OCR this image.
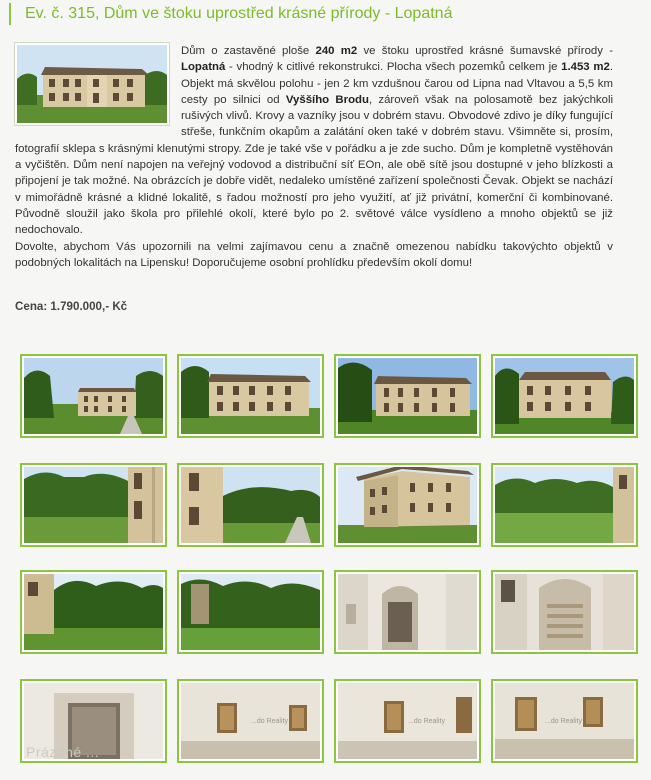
Ev. č. 315, Dům ve štoku uprostřed krásné přírody - Lopatná
Dům o zastavěné ploše 240 m2 ve štoku uprostřed krásné šumavské přírody - Lopatná - vhodný k citlivé rekonstrukci. Plocha všech pozemků celkem je 1.453 m2. Objekt má skvělou polohu - jen 2 km vzdušnou čarou od Lipna nad Vltavou a 5,5 km cesty po silnici od Vyššího Brodu, zároveň však na polosamotě bez jakýchkoli rušivých vlivů. Krovy a vazníky jsou v dobrém stavu. Obvodové zdivo je díky fungující střeše, funkčním okapům a zalátání oken také v dobrém stavu. Všimněte si, prosím, fotografií sklepa s krásnými klenutými stropy. Zde je také vše v pořádku a je zde sucho. Dům je kompletně vystěhován a vyčištěn. Dům není napojen na veřejný vodovod a distribuční síť EOn, ale obě sítě jsou dostupné v jeho blízkosti a připojení je tak možné. Na obrázcích je dobře vidět, nedaleko umístěné zařízení společnosti Čevak. Objekt se nachází v mimořádně krásné a klidné lokalitě, s řadou možností pro jeho využití, ať již privátní, komerční či kombinované. Původně sloužil jako škola pro přilehlé okolí, které bylo po 2. světové válce vysídleno a mnoho objektů se již nedochovalo.
Dovolte, abychom Vás upozornili na velmi zajímavou cenu a značně omezenou nabídku takovýchto objektů v podobných lokalitách na Lipensku! Doporučujeme osobní prohlídku především okolí domu!
Cena: 1.790.000,- Kč
...do Reality	...do Reality	...do Reality
Prázdné ...
